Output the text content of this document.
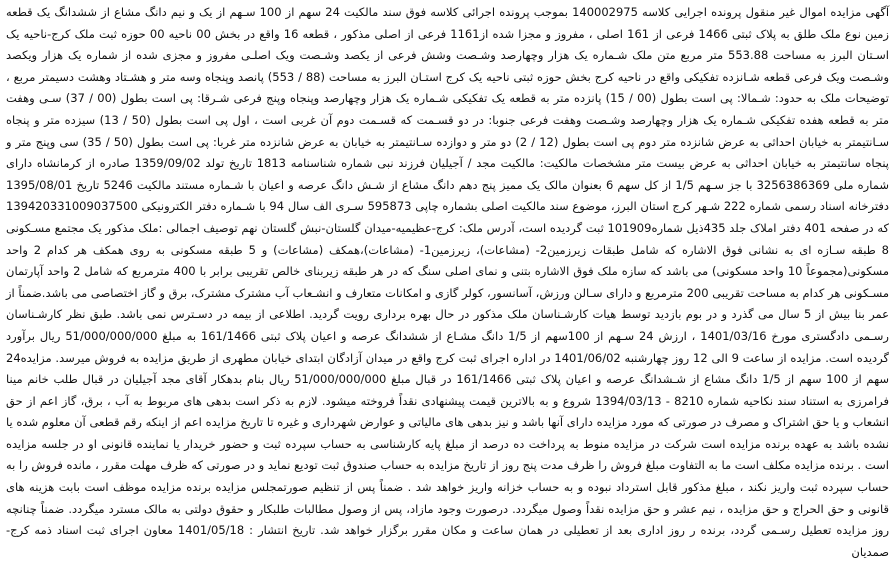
آگهی مزایده اموال غیر منقول پرونده اجرایی کلاسه 140002975 بموجب پرونده اجرائی کلاسه فوق سند مالکیت 24 سهم از 100 سـهم از یک و نیم دانگ مشاع از ششدانگ یک قطعه زمین نوع ملک طلق به پلاک ثبتی 1466 فرعی از 161 اصلی ، مفروز و مجزا شده از1161 فرعی از اصلی مذکور ، قطعه 16 واقع در بخش 00 ناحیه 00 حوزه ثبت ملک کرج-ناحیه یک اسـتان البرز به مساحت 553.88 متر مربع متن ملک شـماره یک هزار وچهارصد وشـصت وشش فرعی از یکصد وشـصت ویک اصلـی مفروز و مجزی شده از شماره یک هزار ویکصد وشـصت ویک فرعی قطعه شـانزده تفکیکی واقع در ناحیه کرج بخش حوزه ثبتی ناحیه یک کرج استـان البرز به مساحت (88 / 553) پانصد وپنجاه وسه متر و هشـتاد وهشت دسیمتر مربع ، توضیحات ملک به حدود: شـمالا: پی است بطول (00 / 15) پانزده متر به قطعه یک تفکیکی شـماره یک هزار وچهارصد وپنجاه وپنج فرعی شـرقا: پی است بطول (00 / 37) سـی وهفت متر به قطعه هفده تفکیکی شـماره یک هزار وچهارصد وشـصت وهفت فرعی جنوبا: در دو قسـمت که قسـمت دوم آن غربی است ، اول پی است بطول (50 / 13) سیزده متر و پنجاه سـانتیمتر به خیابان احداثی به عرض شانزده متر دوم پی است بطول (12 / 2) دو متر و دوازده سـانتیمتر به خیابان به عرض شانزده متر غربا: پی است بطول (50 / 35) سی وپنج متر و پنجاه سانتیمتر به خیابان احداثی به عرض بیست متر مشخصات مالکیت: مالکیت مجد / آجیلیان فرزند نبی شماره شناسنامه 1813 تاریخ تولد 1359/09/02 صادره از کرمانشاه دارای شماره ملی 3256386369 با جز سـهم 1/5 از کل سهم 6 بعنوان مالک یک ممیز پنج دهم دانگ مشاع از شـش دانگ عرصه و اعیان با شـماره مستند مالکیت 5246 تاریخ 1395/08/01 دفترخانه اسناد رسمی شماره 222 شـهر کرج استان البرز، موضوع سند مالکیت اصلی بشماره چاپی 595873 سـری الف سال 94 با شـماره دفتر الکترونیکی 139420331009037500 که در صفحه 401 دفتر املاک جلد 435ذیل شماره101909 ثبت گردیده است، آدرس ملک: کرج-عظیمیه-میدان گلستان-نبش گلستان نهم توصیف اجمالی :ملک مذکور یک مجتمع مسـکونی 8 طبقه سـازه ای به نشانی فوق الاشاره که شامل طبقات زیرزمین2- (مشاعات)، زیرزمین1- (مشاعات)،همکف (مشاعات) و 5 طبقه مسکونی به روی همکف هر کدام 2 واحد مسکونی(مجموعاً 10 واحد مسکونی) می باشد که سازه ملک فوق الاشاره بتنی و نمای اصلی سنگ که در هر طبقه زیربنای خالص تقریبی برابر با 400 مترمربع که شامل 2 واحد آپارتمان مسـکونی هر کدام به مساحت تقریبی 200 مترمربع و دارای سـالن ورزش، آسانسور، کولر گازی و امکانات متعارف و انشـعاب آب مشترک مشترک، برق و گاز اختصاصی می باشد.ضمناً از عمر بنا بیش از 5 سال می گذرد و در بوم بازدید توسط هیات کارشـناسان ملک مذکور در حال بهره برداری رویت گردید. اطلاعی از بیمه در دسـترس نمی باشد. طبق نظر کارشـناسان رسـمی دادگستری مورخ 1401/03/16 ، ارزش 24 سـهم از 100سهم از 1/5 دانگ مشـاع از ششدانگ عرصه و اعیان پلاک ثبتی 161/1466 به مبلغ 51/000/000/000 ریال برآورد گردیده است. مزایده از ساعت 9 الی 12 روز چهارشنبه 1401/06/02 در اداره اجرای ثبت کرج واقع در میدان آزادگان ابتدای خیابان مطهری از طریق مزایده به فروش میرسد. مزایده24 سهم از 100 سهم از 1/5 دانگ مشاع از شـشدانگ عرصه و اعیان پلاک ثبتی 161/1466 در قبال مبلغ 51/000/000/000 ریال بنام بدهکار آقای مجد آجیلیان در قبال طلب خانم مینا فرامرزی به استناد سند نکاحیه شماره 8210 - 1394/03/13 شروع و به بالاترین قیمت پیشنهادی نقداً فروخته میشود. لازم به ذکر است بدهی های مربوط به آب ، برق، گاز اعم از حق انشعاب و یا حق اشتراک و مصرف در صورتی که مورد مزایده دارای آنها باشد و نیز بدهی های مالیاتی و عوارض شهرداری و غیره تا تاریخ مزایده اعم از اینکه رقم قطعی آن معلوم شده یا نشده باشد به عهده برنده مزایده است شرکت در مزایده منوط به پرداخت ده درصد از مبلغ پایه کارشناسی به حساب سپرده ثبت و حضور خریدار یا نماینده قانونی او در جلسه مزایده است . برنده مزایده مکلف است ما به التفاوت مبلغ فروش را ظرف مدت پنج روز از تاریخ مزایده به حساب صندوق ثبت تودیع نماید و در صورتی که ظرف مهلت مقرر ، مانده فروش را به حساب سپرده ثبت واریز نکند ، مبلغ مذکور قابل استرداد نبوده و به حساب خزانه واریز خواهد شد . ضمناً پس از تنظیم صورتمجلس مزایده برنده مزایده موظف است بابت هزینه های قانونی و حق الحراج و حق مزایده ، نیم عشر و حق مزایده نقداً وصول میگردد. درصورت وجود مازاد، پس از وصول مطالبات طلبکار و حقوق دولتی به مالک مسترد میگردد. ضمناً چنانچه روز مزایده تعطیل رسـمی گردد، برنده ر روز اداری بعد از تعطیلی در همان ساعت و مکان مقرر برگزار خواهد شد. تاریخ انتشار : 1401/05/18 معاون اجرای ثبت اسناد ذمه کرج- صمدیان
